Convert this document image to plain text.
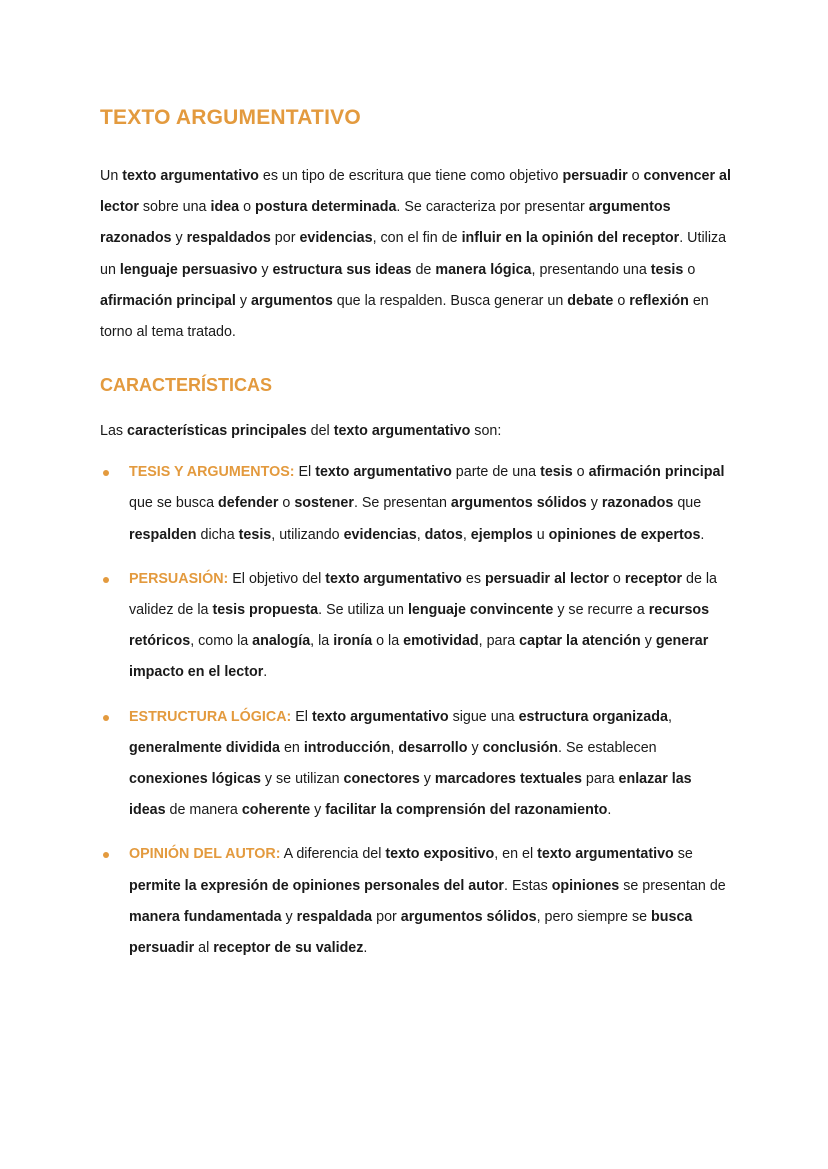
TEXTO ARGUMENTATIVO

Un texto argumentativo es un tipo de escritura que tiene como objetivo persuadir o convencer al lector sobre una idea o postura determinada. Se caracteriza por presentar argumentos razonados y respaldados por evidencias, con el fin de influir en la opinión del receptor. Utiliza un lenguaje persuasivo y estructura sus ideas de manera lógica, presentando una tesis o afirmación principal y argumentos que la respalden. Busca generar un debate o reflexión en torno al tema tratado.

CARACTERÍSTICAS

Las características principales del texto argumentativo son:

TESIS Y ARGUMENTOS: El texto argumentativo parte de una tesis o afirmación principal que se busca defender o sostener. Se presentan argumentos sólidos y razonados que respalden dicha tesis, utilizando evidencias, datos, ejemplos u opiniones de expertos.
PERSUASIÓN: El objetivo del texto argumentativo es persuadir al lector o receptor de la validez de la tesis propuesta. Se utiliza un lenguaje convincente y se recurre a recursos retóricos, como la analogía, la ironía o la emotividad, para captar la atención y generar impacto en el lector.
ESTRUCTURA LÓGICA: El texto argumentativo sigue una estructura organizada, generalmente dividida en introducción, desarrollo y conclusión. Se establecen conexiones lógicas y se utilizan conectores y marcadores textuales para enlazar las ideas de manera coherente y facilitar la comprensión del razonamiento.
OPINIÓN DEL AUTOR: A diferencia del texto expositivo, en el texto argumentativo se permite la expresión de opiniones personales del autor. Estas opiniones se presentan de manera fundamentada y respaldada por argumentos sólidos, pero siempre se busca persuadir al receptor de su validez.
